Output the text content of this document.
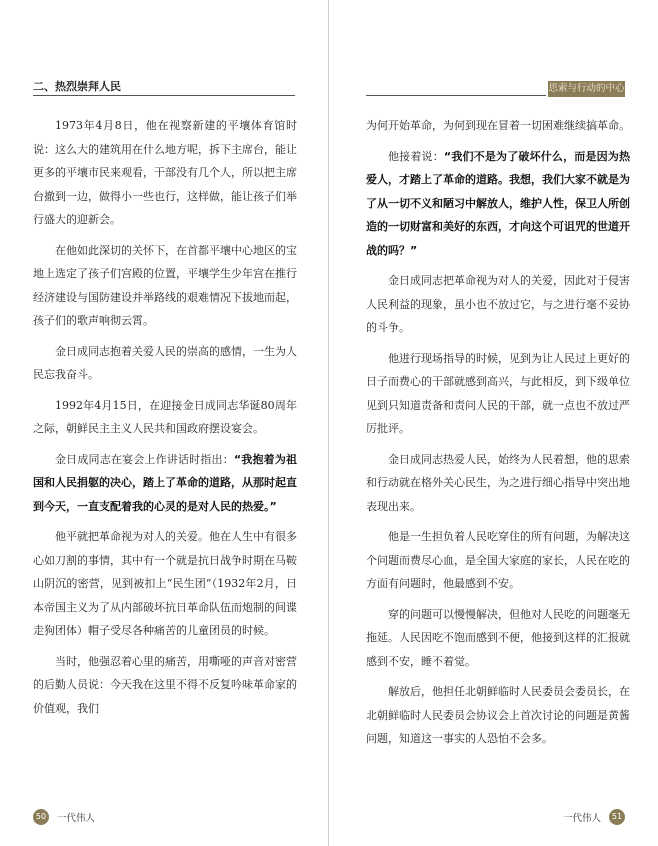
二、热烈崇拜人民

1973年4月8日，他在视察新建的平壤体育馆时说：这么大的建筑用在什么地方呢，拆下主席台，能让更多的平壤市民来观看，干部没有几个人，所以把主席台撤到一边，做得小一些也行，这样做，能让孩子们举行盛大的迎新会。

在他如此深切的关怀下，在首都平壤中心地区的宝地上选定了孩子们宫殿的位置，平壤学生少年宫在推行经济建设与国防建设并举路线的艰难情况下拔地而起，孩子们的歌声响彻云霄。

金日成同志抱着关爱人民的崇高的感情，一生为人民忘我奋斗。

1992年4月15日，在迎接金日成同志华诞80周年之际，朝鲜民主主义人民共和国政府摆设宴会。

金日成同志在宴会上作讲话时指出：“我抱着为祖国和人民捐躯的决心，踏上了革命的道路，从那时起直到今天，一直支配着我的心灵的是对人民的热爱。”

他平就把革命视为对人的关爱。他在人生中有很多心如刀割的事情，其中有一个就是抗日战争时期在马鞍山阴沉的密营，见到被扣上“民生团”（1932年2月，日本帝国主义为了从内部破坏抗日革命队伍而炮制的间谍走狗团体）帽子受尽各种痛苦的儿童团员的时候。

当时，他强忍着心里的痛苦，用嘶哑的声音对密营的后勤人员说：今天我在这里不得不反复吟味革命家的价值观，我们

50	一代伟人
思索与行动的中心

为何开始革命，为何到现在冒着一切困难继续搞革命。

他接着说：“我们不是为了破坏什么，而是因为热爱人，才踏上了革命的道路。我想，我们大家不就是为了从一切不义和陋习中解放人，维护人性，保卫人所创造的一切财富和美好的东西，才向这个可诅咒的世道开战的吗？”

金日成同志把革命视为对人的关爱，因此对于侵害人民利益的现象，虽小也不放过它，与之进行毫不妥协的斗争。

他进行现场指导的时候，见到为让人民过上更好的日子而费心的干部就感到高兴，与此相反，到下级单位见到只知道责备和责问人民的干部，就一点也不放过严厉批评。

金日成同志热爱人民，始终为人民着想，他的思索和行动就在格外关心民生，为之进行细心指导中突出地表现出来。

他是一生担负着人民吃穿住的所有问题，为解决这个问题而费尽心血，是全国大家庭的家长，人民在吃的方面有问题时，他最感到不安。

穿的问题可以慢慢解决，但他对人民吃的问题毫无拖延。人民因吃不饱而感到不便，他接到这样的汇报就感到不安，睡不着觉。

解放后，他担任北朝鲜临时人民委员会委员长，在北朝鲜临时人民委员会协议会上首次讨论的问题是黄酱问题，知道这一事实的人恐怕不会多。

一代伟人	51
